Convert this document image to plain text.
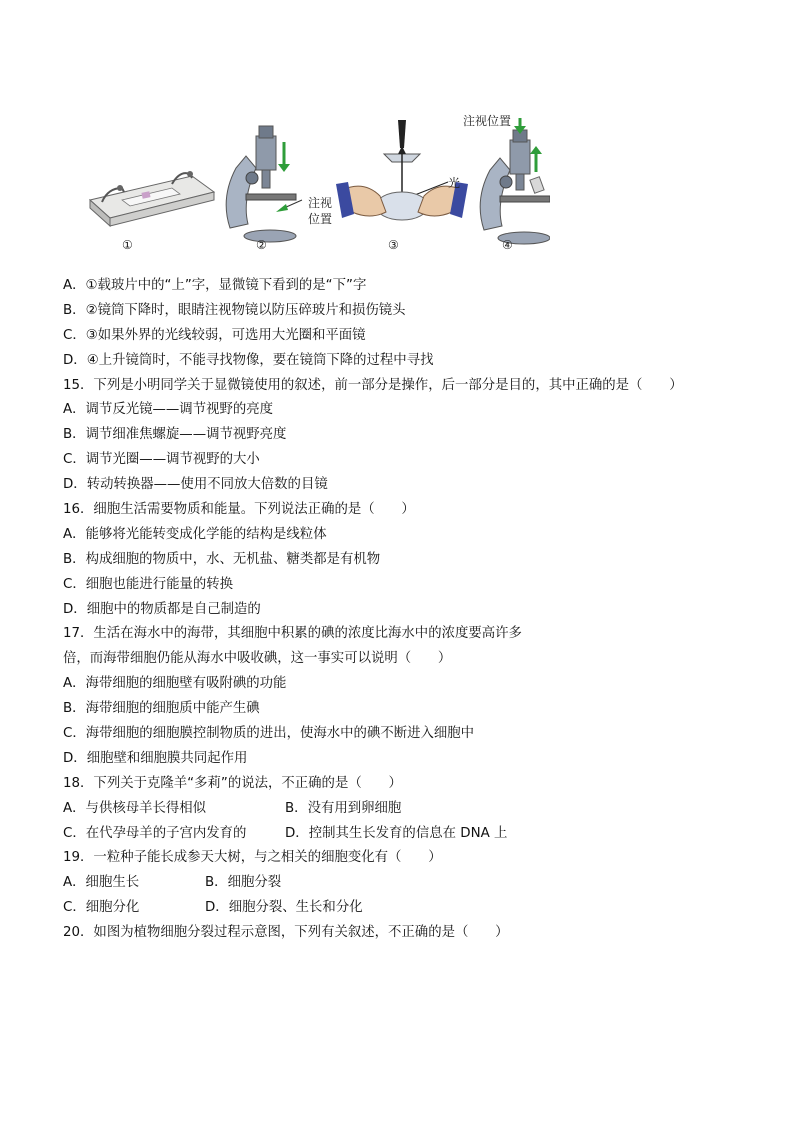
注视位置
注视
位置
光
①	②	③	④
A．①载玻片中的“上”字，显微镜下看到的是“下”字
B．②镜筒下降时，眼睛注视物镜以防压碎玻片和损伤镜头
C．③如果外界的光线较弱，可选用大光圈和平面镜
D．④上升镜筒时，不能寻找物像，要在镜筒下降的过程中寻找
15．下列是小明同学关于显微镜使用的叙述，前一部分是操作，后一部分是目的，其中正确的是（　　）
A．调节反光镜——调节视野的亮度
B．调节细准焦螺旋——调节视野亮度
C．调节光圈——调节视野的大小
D．转动转换器——使用不同放大倍数的目镜
16．细胞生活需要物质和能量。下列说法正确的是（　　）
A．能够将光能转变成化学能的结构是线粒体
B．构成细胞的物质中，水、无机盐、糖类都是有机物
C．细胞也能进行能量的转换
D．细胞中的物质都是自己制造的
17．生活在海水中的海带，其细胞中积累的碘的浓度比海水中的浓度要高许多
倍，而海带细胞仍能从海水中吸收碘，这一事实可以说明（　　）
A．海带细胞的细胞壁有吸附碘的功能
B．海带细胞的细胞质中能产生碘
C．海带细胞的细胞膜控制物质的进出，使海水中的碘不断进入细胞中
D．细胞壁和细胞膜共同起作用
18．下列关于克隆羊“多莉”的说法，不正确的是（　　）
A．与供核母羊长得相似	B．没有用到卵细胞
C．在代孕母羊的子宫内发育的	D．控制其生长发育的信息在 DNA 上
19．一粒种子能长成参天大树，与之相关的细胞变化有（　　）
A．细胞生长	B．细胞分裂
C．细胞分化	D．细胞分裂、生长和分化
20．如图为植物细胞分裂过程示意图，下列有关叙述，不正确的是（　　）
